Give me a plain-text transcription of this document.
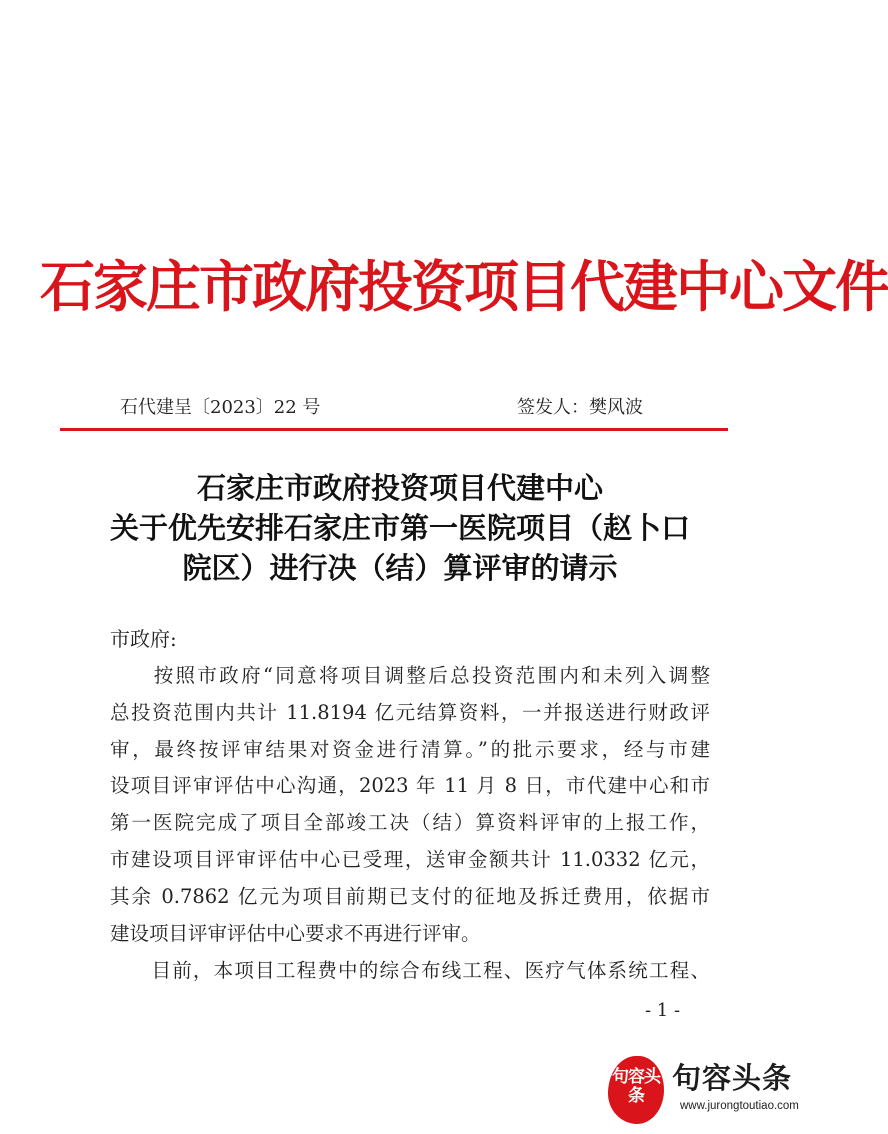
石家庄市政府投资项目代建中心文件
石代建呈〔2023〕22 号	签发人：樊风波
石家庄市政府投资项目代建中心
关于优先安排石家庄市第一医院项目（赵卜口
院区）进行决（结）算评审的请示
市政府:
　　按照市政府“同意将项目调整后总投资范围内和未列入调整
总投资范围内共计 11.8194 亿元结算资料，一并报送进行财政评
审，最终按评审结果对资金进行清算。”的批示要求，经与市建
设项目评审评估中心沟通，2023 年 11 月 8 日，市代建中心和市
第一医院完成了项目全部竣工决（结）算资料评审的上报工作，
市建设项目评审评估中心已受理，送审金额共计 11.0332 亿元，
其余 0.7862 亿元为项目前期已支付的征地及拆迁费用，依据市
建设项目评审评估中心要求不再进行评审。
　　目前，本项目工程费中的综合布线工程、医疗气体系统工程、
- 1 -
句容头条
句容头条
www.jurongtoutiao.com
